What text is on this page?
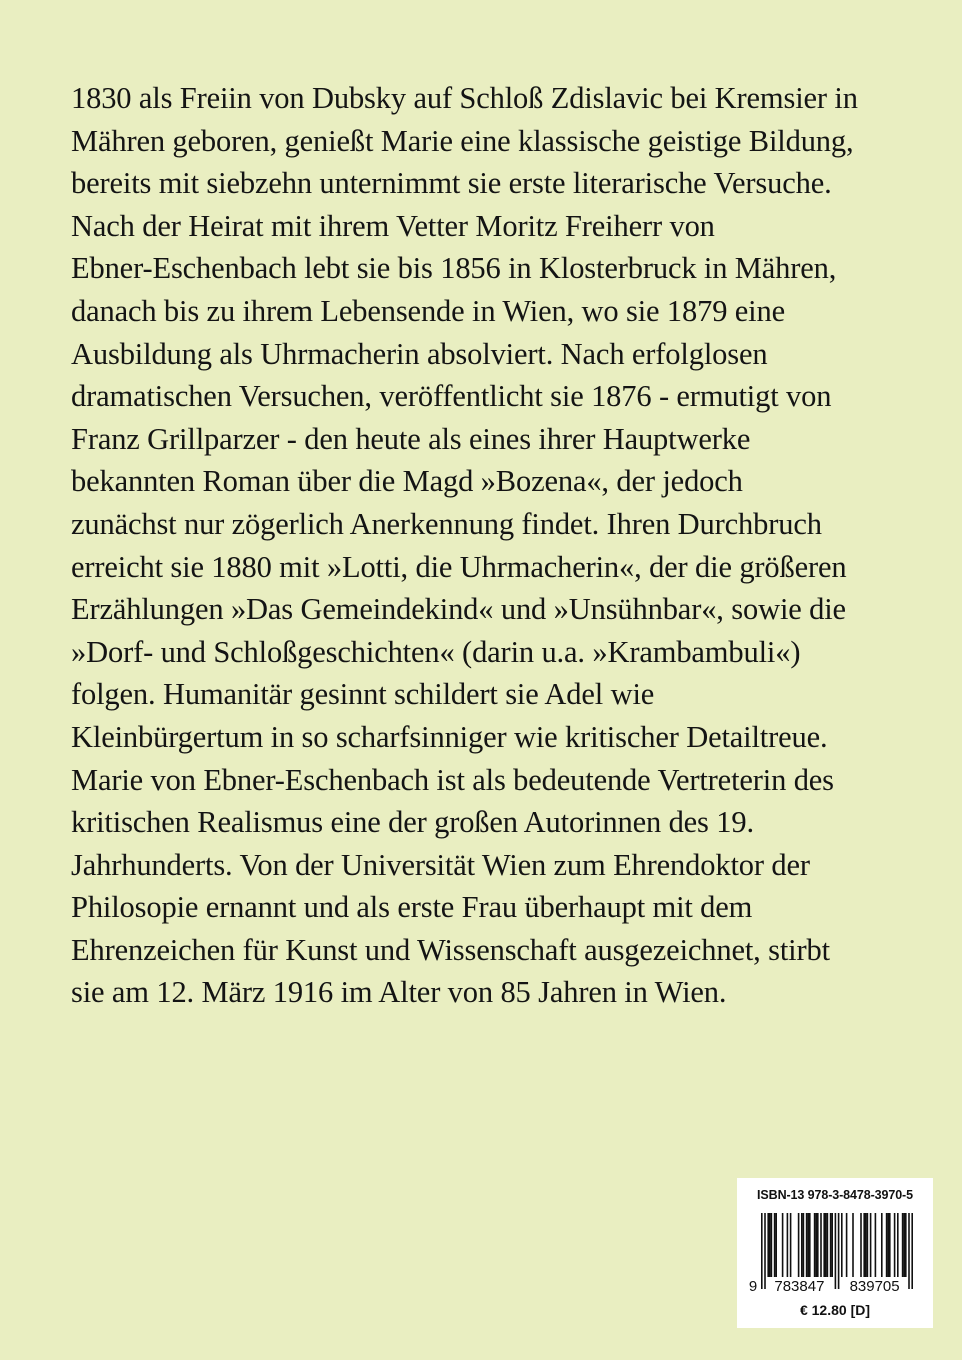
1830 als Freiin von Dubsky auf Schloß Zdislavic bei Kremsier in
Mähren geboren, genießt Marie eine klassische geistige Bildung,
bereits mit siebzehn unternimmt sie erste literarische Versuche.
Nach der Heirat mit ihrem Vetter Moritz Freiherr von
Ebner-Eschenbach lebt sie bis 1856 in Klosterbruck in Mähren,
danach bis zu ihrem Lebensende in Wien, wo sie 1879 eine
Ausbildung als Uhrmacherin absolviert. Nach erfolglosen
dramatischen Versuchen, veröffentlicht sie 1876 - ermutigt von
Franz Grillparzer - den heute als eines ihrer Hauptwerke
bekannten Roman über die Magd »Bozena«, der jedoch
zunächst nur zögerlich Anerkennung findet. Ihren Durchbruch
erreicht sie 1880 mit »Lotti, die Uhrmacherin«, der die größeren
Erzählungen »Das Gemeindekind« und »Unsühnbar«, sowie die
»Dorf- und Schloßgeschichten« (darin u.a. »Krambambuli«)
folgen. Humanitär gesinnt schildert sie Adel wie
Kleinbürgertum in so scharfsinniger wie kritischer Detailtreue.
Marie von Ebner-Eschenbach ist als bedeutende Vertreterin des
kritischen Realismus eine der großen Autorinnen des 19.
Jahrhunderts. Von der Universität Wien zum Ehrendoktor der
Philosopie ernannt und als erste Frau überhaupt mit dem
Ehrenzeichen für Kunst und Wissenschaft ausgezeichnet, stirbt
sie am 12. März 1916 im Alter von 85 Jahren in Wien.
ISBN-13 978-3-8478-3970-5
9 783847 839705
€ 12.80 [D]
